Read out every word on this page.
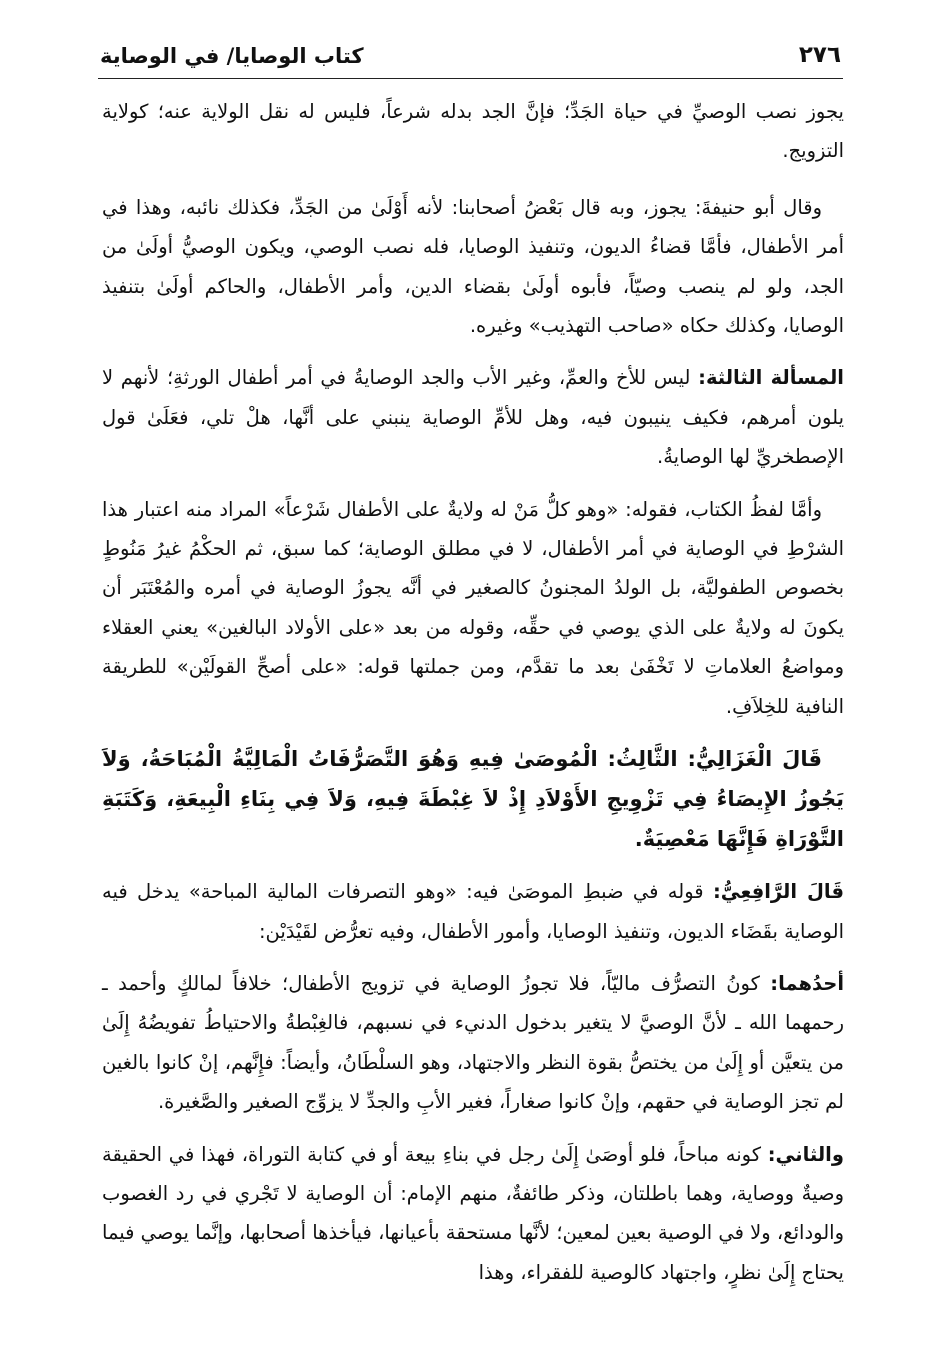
كتاب الوصايا/ في الوصاية	٢٧٦

يجوز نصب الوصيِّ في حياة الجَدِّ؛ فإنَّ الجد بدله شرعاً، فليس له نقل الولاية عنه؛ كولاية التزويج.

وقال أبو حنيفةَ: يجوز، وبه قال بَعْضُ أصحابنا: لأنه أَوْلَىٰ من الجَدِّ، فكذلك نائبه، وهذا في أمر الأطفال، فأمَّا قضاءُ الديون، وتنفيذ الوصايا، فله نصب الوصي، ويكون الوصيُّ أولَىٰ من الجد، ولو لم ينصب وصيّاً، فأبوه أولَىٰ بقضاء الدين، وأمر الأطفال، والحاكم أولَىٰ بتنفيذ الوصايا، وكذلك حكاه «صاحب التهذيب» وغيره.

المسألة الثالثة: ليس للأخ والعمِّ، وغير الأب والجد الوصايةُ في أمر أطفال الورثةِ؛ لأنهم لا يلون أمرهم، فكيف ينيبون فيه، وهل للأمِّ الوصاية ينبني على أنَّها، هلْ تلي، فعَلَىٰ قول الإصطخريِّ لها الوصايةُ.

وأمَّا لفظُ الكتاب، فقوله: «وهو كلُّ مَنْ له ولايةٌ على الأطفال شَرْعاً» المراد منه اعتبار هذا الشرْطِ في الوصاية في أمر الأطفال، لا في مطلق الوصاية؛ كما سبق، ثم الحكْمُ غيرُ مَنُوطٍ بخصوص الطفوليَّة، بل الولدُ المجنونُ كالصغير في أنَّه يجوزُ الوصاية في أمره والمُعْتَبَر أن يكونَ له ولايةٌ على الذي يوصي في حقِّه، وقوله من بعد «على الأولاد البالغين» يعني العقلاء ومواضعُ العلاماتِ لا تَخْفَىٰ بعد ما تقدَّم، ومن جملتها قوله: «على أصحِّ القولَيْن» للطريقة النافية للخِلاَفِ.

قَالَ الْغَزَالِيُّ: الثَّالِثُ: الْمُوصَىٰ فِيهِ وَهُوَ التَّصَرُّفَاتُ الْمَالِيَّةُ الْمُبَاحَةُ، وَلاَ يَجُوزُ الإِيصَاءُ فِي تَزْوِيجِ الأَوْلاَدِ إِذْ لاَ غِبْطَةَ فِيهِ، وَلاَ فِي بِنَاءِ الْبِيعَةِ، وَكَتَبَةِ التَّوْرَاةِ فَإِنَّهَا مَعْصِيَةٌ.

قَالَ الرَّافِعِيُّ: قوله في ضبطِ الموصَىٰ فيه: «وهو التصرفات المالية المباحة» يدخل فيه الوصاية بقَضَاء الديون، وتنفيذ الوصايا، وأمور الأطفال، وفيه تعرُّض لقَيْدَيْن:

أحدُهما: كونُ التصرُّف ماليّاً، فلا تجوزُ الوصاية في تزويج الأطفال؛ خلافاً لمالكٍ وأحمد ـ رحمهما الله ـ لأنَّ الوصيَّ لا يتغير بدخول الدنيء في نسبهم، فالغِبْطةُ والاحتياطُ تفويضُهُ إِلَىٰ من يتعيَّن أو إِلَىٰ من يختصُّ بقوة النظر والاجتهاد، وهو السلْطَانُ، وأيضاً: فإِنَّهم، إنْ كانوا بالغين لم تجز الوصاية في حقهم، وإنْ كانوا صغاراً، فغير الأبِ والجدِّ لا يزوِّج الصغير والصَّغيرة.

والثاني: كونه مباحاً، فلو أوصَىٰ إِلَىٰ رجل في بناءِ بيعة أو في كتابة التوراة، فهذا في الحقيقة وصيةٌ ووصاية، وهما باطلتان، وذكر طائفةٌ، منهم الإمام: أن الوصاية لا تَجْري في رد الغصوب والودائع، ولا في الوصية بعين لمعين؛ لأنَّها مستحقة بأعيانها، فيأخذها أصحابها، وإنَّما يوصي فيما يحتاج إِلَىٰ نظرٍ، واجتهاد كالوصية للفقراء، وهذا
